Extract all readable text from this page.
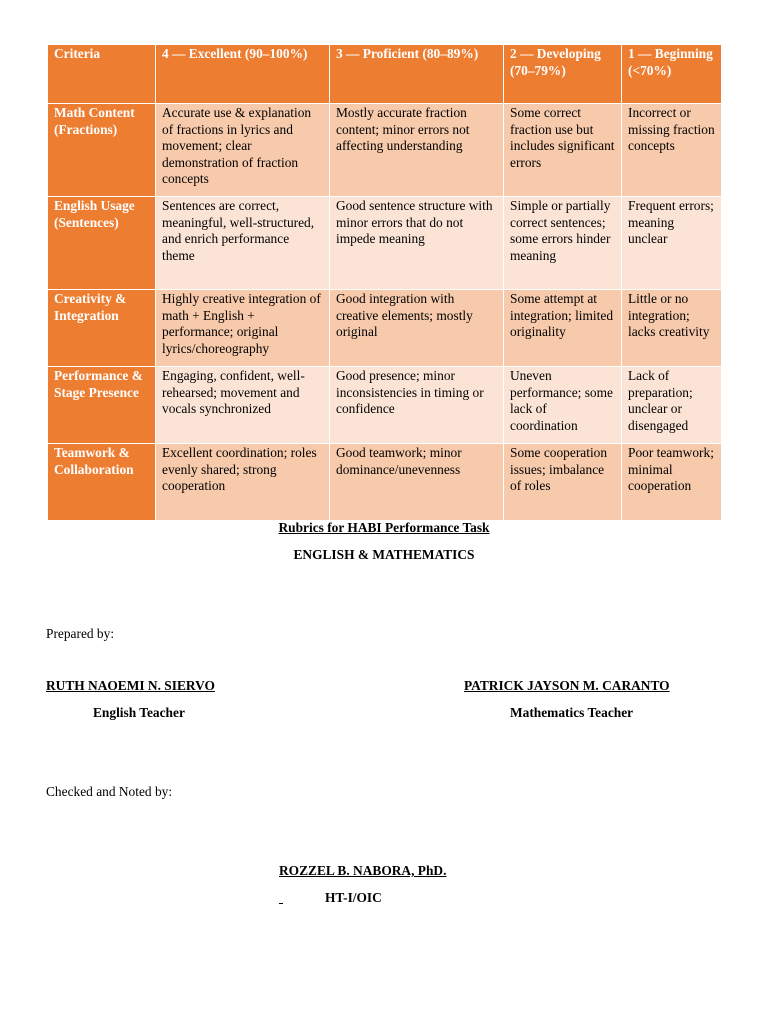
Criteria	4 — Excellent (90–100%)	3 — Proficient (80–89%)	2 — Developing (70–79%)	1 — Beginning (<70%)
Math Content (Fractions)	Accurate use & explanation of fractions in lyrics and movement; clear demonstration of fraction concepts	Mostly accurate fraction content; minor errors not affecting understanding	Some correct fraction use but includes significant errors	Incorrect or missing fraction concepts
English Usage (Sentences)	Sentences are correct, meaningful, well-structured, and enrich performance theme	Good sentence structure with minor errors that do not impede meaning	Simple or partially correct sentences; some errors hinder meaning	Frequent errors; meaning unclear
Creativity & Integration	Highly creative integration of math + English + performance; original lyrics/choreography	Good integration with creative elements; mostly original	Some attempt at integration; limited originality	Little or no integration; lacks creativity
Performance & Stage Presence	Engaging, confident, well-rehearsed; movement and vocals synchronized	Good presence; minor inconsistencies in timing or confidence	Uneven performance; some lack of coordination	Lack of preparation; unclear or disengaged
Teamwork & Collaboration	Excellent coordination; roles evenly shared; strong cooperation	Good teamwork; minor dominance/unevenness	Some cooperation issues; imbalance of roles	Poor teamwork; minimal cooperation
Rubrics for HABI Performance Task
ENGLISH & MATHEMATICS
Prepared by:
RUTH NAOEMI N. SIERVO
English Teacher
PATRICK JAYSON M. CARANTO
Mathematics Teacher
Checked and Noted by:
ROZZEL B. NABORA, PhD.
HT-I/OIC
